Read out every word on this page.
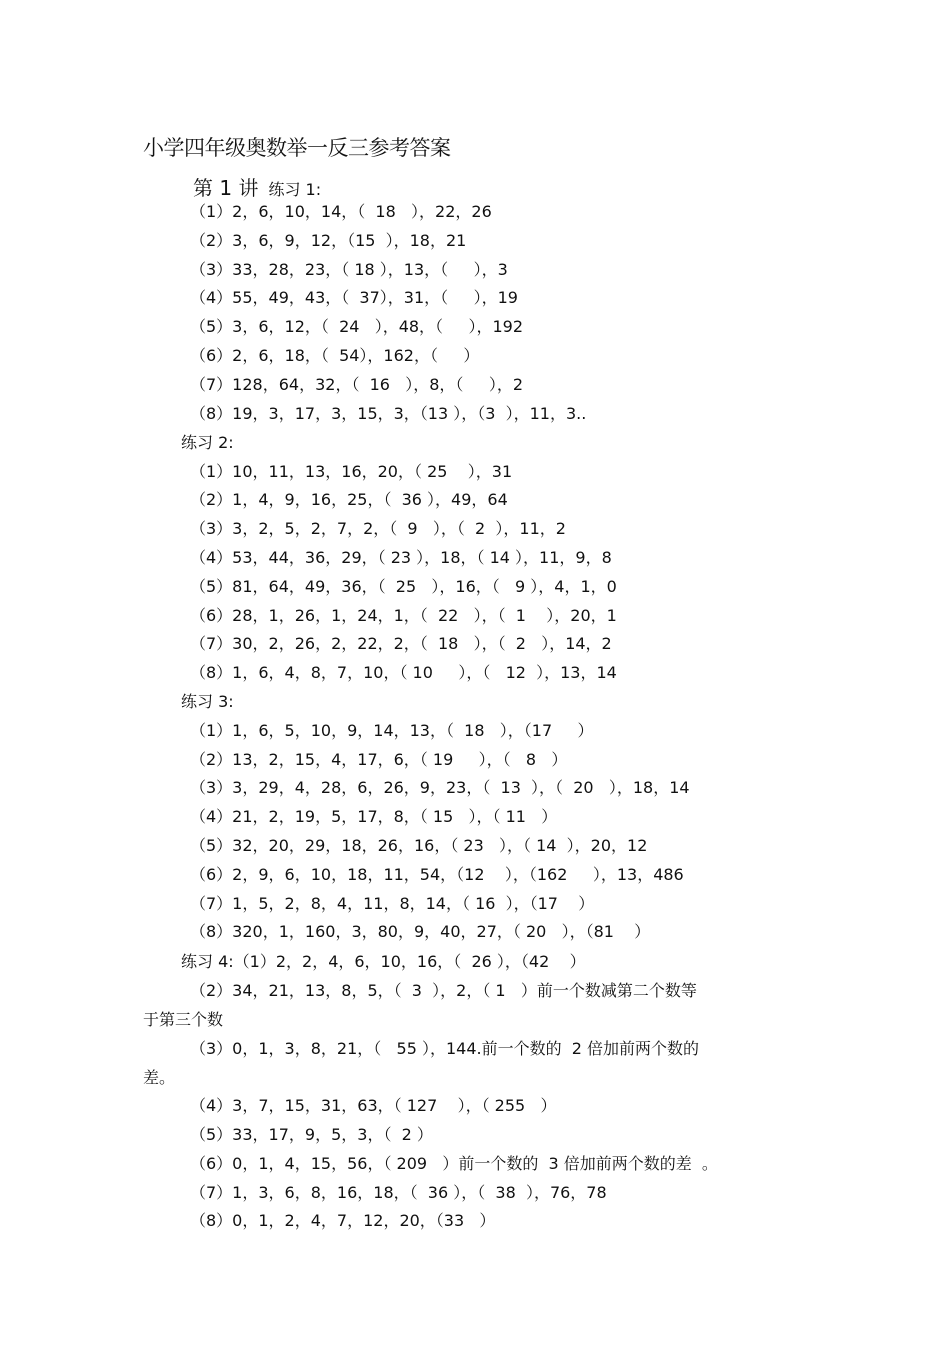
小学四年级奥数举一反三参考答案
第 1 讲 练习 1:
（1）2，6，10，14，（  18   ），22，26
（2）3，6，9，12，（15  ），18，21
（3）33，28，23，（ 18 ），13，（     ），3
（4）55，49，43，（  37），31，（     ），19
（5）3，6，12，（  24   ），48，（     ），192
（6）2，6，18，（  54），162，（     ）
（7）128，64，32，（  16   ），8，（     ），2
（8）19，3，17，3，15，3，（13 ），（3  ），11，3..
练习 2:
（1）10，11，13，16，20，（ 25    ），31
（2）1，4，9，16，25，（  36 ），49，64
（3）3，2，5，2，7，2，（  9   ），（  2  ），11，2
（4）53，44，36，29，（ 23 ），18，（ 14 ），11，9，8
（5）81，64，49，36，（  25   ），16，（   9 ），4，1，0
（6）28，1，26，1，24，1，（  22   ），（  1    ），20，1
（7）30，2，26，2，22，2，（  18   ），（  2   ），14，2
（8）1，6，4，8，7，10，（ 10     ），（   12  ），13，14
练习 3:
（1）1，6，5，10，9，14，13，（  18   ），（17     ）
（2）13，2，15，4，17，6，（ 19     ），（   8   ）
（3）3，29，4，28，6，26，9，23，（  13  ），（  20   ），18，14
（4）21，2，19，5，17，8，（ 15   ），（ 11   ）
（5）32，20，29，18，26，16，（ 23   ），（ 14  ），20，12
（6）2，9，6，10，18，11，54，（12    ），（162     ），13，486
（7）1，5，2，8，4，11，8，14，（ 16  ），（17    ）
（8）320，1，160，3，80，9，40，27，（ 20   ），（81    ）
练习 4:（1）2，2，4，6，10，16，（  26 ），（42    ）
（2）34，21，13，8，5，（  3  ），2，（ 1   ）前一个数减第二个数等
于第三个数
（3）0，1，3，8，21，（   55 ），144.前一个数的  2 倍加前两个数的
差。
（4）3，7，15，31，63，（ 127    ），（ 255   ）
（5）33，17，9，5，3，（  2 ）
（6）0，1，4，15，56，（ 209   ）前一个数的  3 倍加前两个数的差  。
（7）1，3，6，8，16，18，（  36 ），（  38  ），76，78
（8）0，1，2，4，7，12，20，（33   ）
